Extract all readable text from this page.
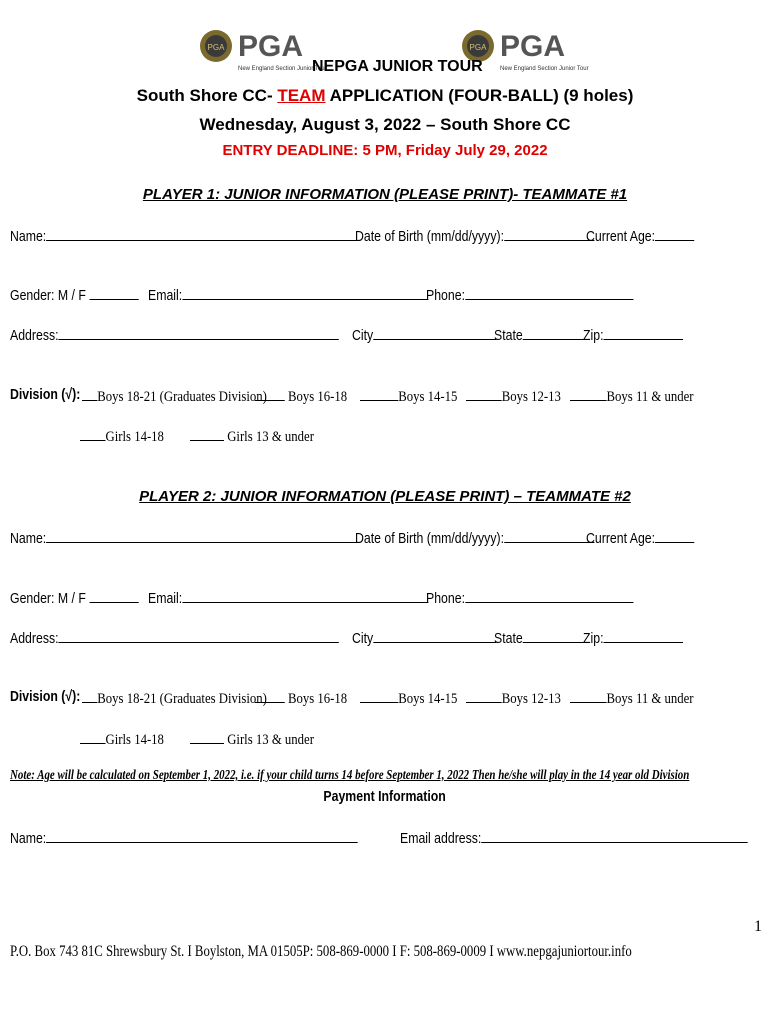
PGA PGA
New England Section Junior Tour
PGA PGA
New England Section Junior Tour
NEPGA JUNIOR TOUR
South Shore CC- TEAM APPLICATION (FOUR-BALL) (9 holes)
Wednesday, August 3, 2022 – South Shore CC
ENTRY DEADLINE: 5 PM, Friday July 29, 2022
PLAYER 1: JUNIOR INFORMATION (PLEASE PRINT)- TEAMMATE #1
Name:	Date of Birth (mm/dd/yyyy):	Current Age:
Gender: M / F	Email:	Phone:
Address:	City	State	Zip:
Division (√):	Boys 18-21 (Graduates Division)	Boys 16-18	Boys 14-15	Boys 12-13	Boys 11 & under
Girls 14-18	Girls 13 & under
PLAYER 2: JUNIOR INFORMATION (PLEASE PRINT) – TEAMMATE #2
Name:	Date of Birth (mm/dd/yyyy):	Current Age:
Gender: M / F	Email:	Phone:
Address:	City	State	Zip:
Division (√):	Boys 18-21 (Graduates Division)	Boys 16-18	Boys 14-15	Boys 12-13	Boys 11 & under
Girls 14-18	Girls 13 & under
Note: Age will be calculated on September 1, 2022, i.e. if your child turns 14 before September 1, 2022 Then he/she will play in the 14 year old Division
Payment Information
Name:	Email address:
1
P.O. Box 743 81C Shrewsbury St. I Boylston, MA 01505P: 508-869-0000 I F: 508-869-0009 I www.nepgajuniortour.info
